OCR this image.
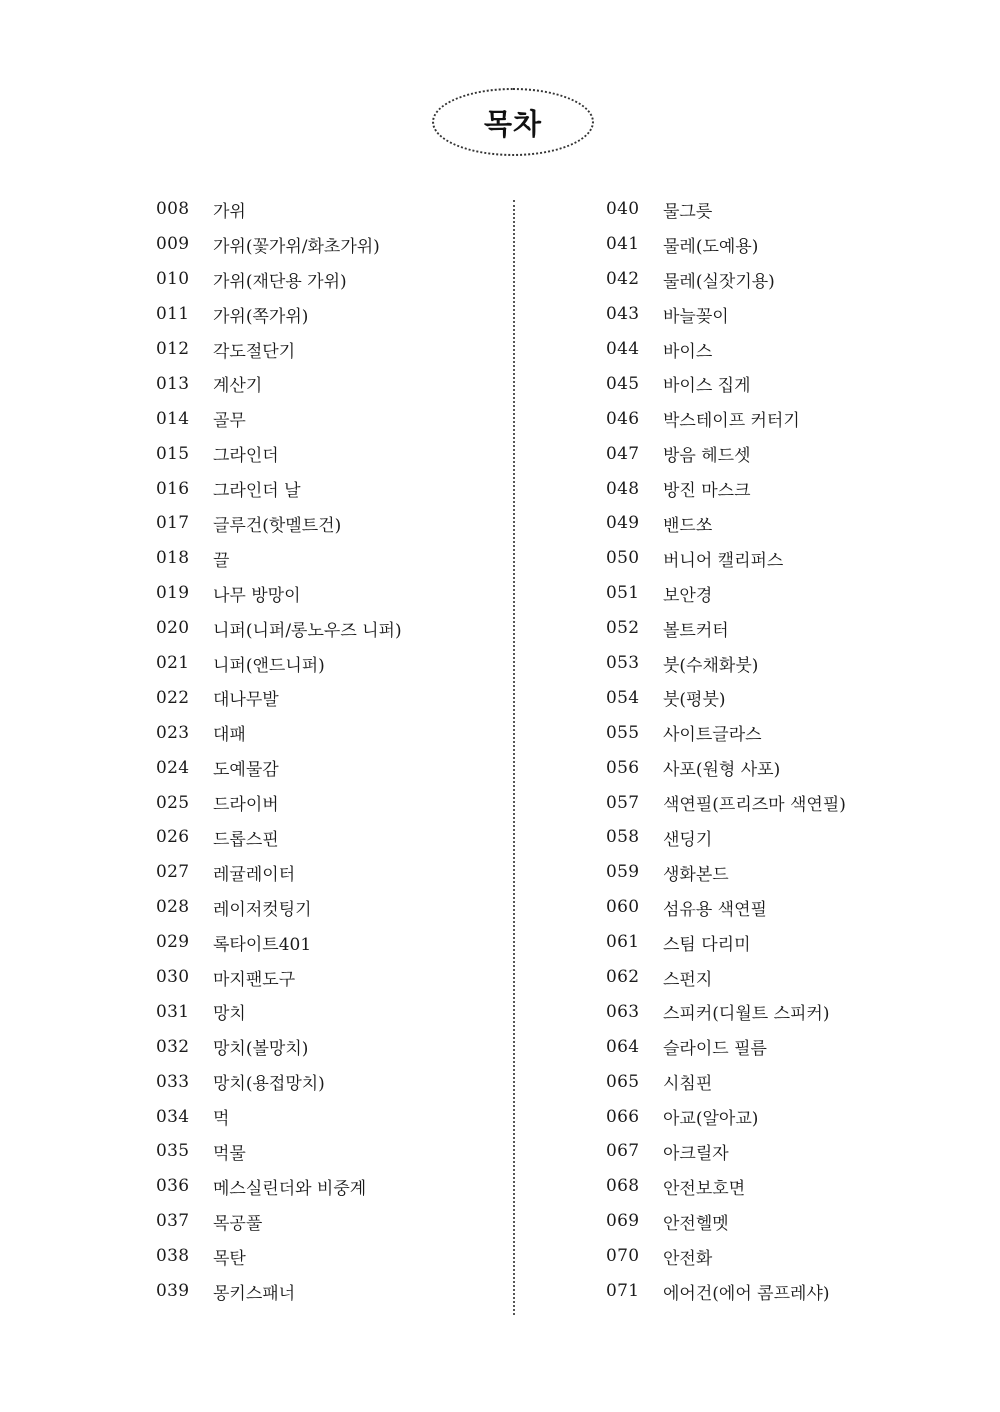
목차
008	가위
009	가위(꽃가위/화초가위)
010	가위(재단용 가위)
011	가위(쪽가위)
012	각도절단기
013	계산기
014	골무
015	그라인더
016	그라인더 날
017	글루건(핫멜트건)
018	끌
019	나무 방망이
020	니퍼(니퍼/롱노우즈 니퍼)
021	니퍼(앤드니퍼)
022	대나무발
023	대패
024	도예물감
025	드라이버
026	드롭스핀
027	레귤레이터
028	레이저컷팅기
029	록타이트401
030	마지팬도구
031	망치
032	망치(볼망치)
033	망치(용접망치)
034	먹
035	먹물
036	메스실린더와 비중계
037	목공풀
038	목탄
039	몽키스패너
040	물그릇
041	물레(도예용)
042	물레(실잣기용)
043	바늘꽂이
044	바이스
045	바이스 집게
046	박스테이프 커터기
047	방음 헤드셋
048	방진 마스크
049	밴드쏘
050	버니어 캘리퍼스
051	보안경
052	볼트커터
053	붓(수채화붓)
054	붓(평붓)
055	사이트글라스
056	사포(원형 사포)
057	색연필(프리즈마 색연필)
058	샌딩기
059	생화본드
060	섬유용 색연필
061	스팀 다리미
062	스펀지
063	스피커(디월트 스피커)
064	슬라이드 필름
065	시침핀
066	아교(알아교)
067	아크릴자
068	안전보호면
069	안전헬멧
070	안전화
071	에어건(에어 콤프레샤)
